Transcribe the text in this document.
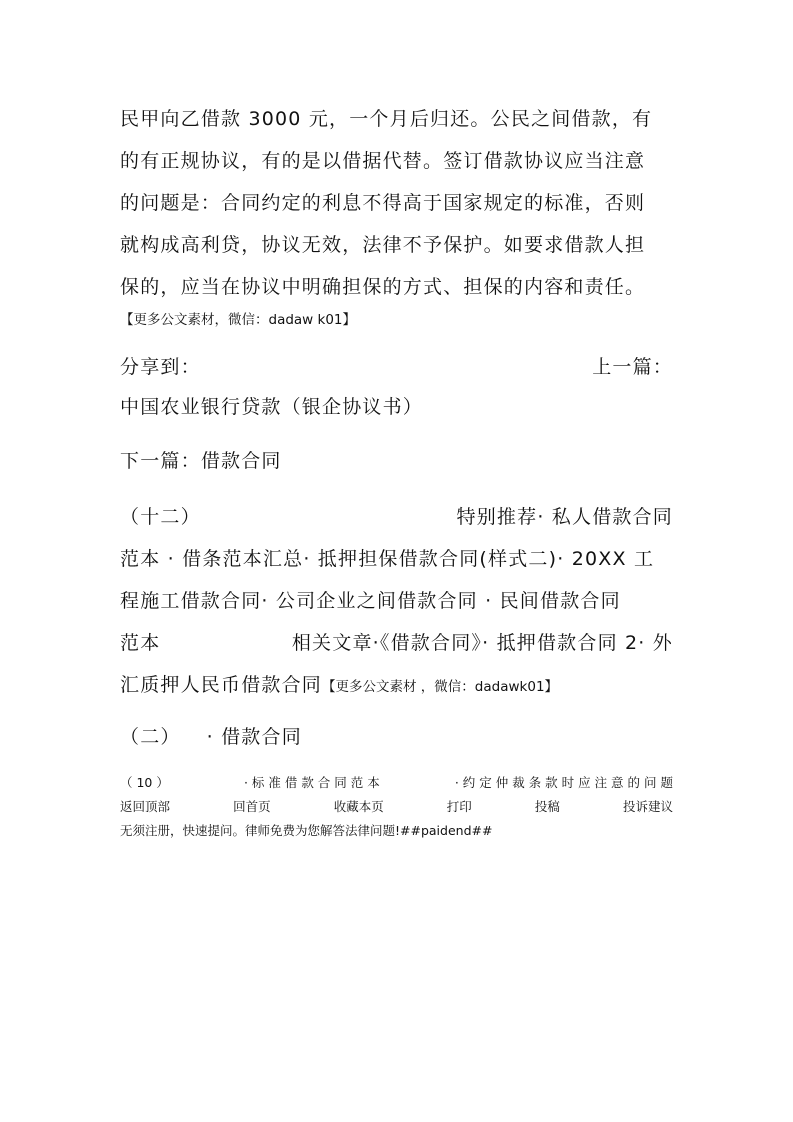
民甲向乙借款 3000 元，一个月后归还。公民之间借款，有
的有正规协议，有的是以借据代替。签订借款协议应当注意
的问题是：合同约定的利息不得高于国家规定的标准，否则
就构成高利贷，协议无效，法律不予保护。如要求借款人担
保的，应当在协议中明确担保的方式、担保的内容和责任。
【更多公文素材，微信：dadaw k01】
分享到：	上一篇：
中国农业银行贷款（银企协议书）
下一篇：借款合同
（十二）	特别推荐· 私人借款合同
范本 · 借条范本汇总· 抵押担保借款合同(样式二)· 20XX 工
程施工借款合同· 公司企业之间借款合同 · 民间借款合同
范本	相关文章·《借款合同》· 抵押借款合同 2· 外
汇质押人民币借款合同【更多公文素材 ，微信：dadawk01】
（二） · 借款合同
（ 10 ）	· 标 准 借 款 合 同 范 本	· 约 定 仲 裁 条 款 时 应 注 意 的 问 题
返回顶部	回首页	收藏本页	打印	投稿	投诉建议
无须注册，快速提问。律师免费为您解答法律问题!##paidend##
